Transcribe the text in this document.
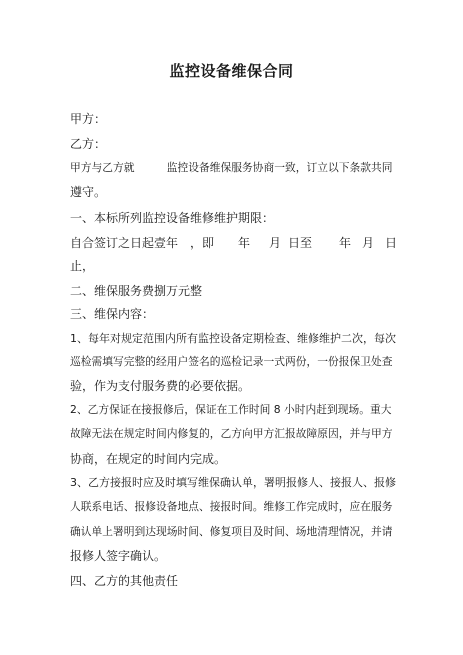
监控设备维保合同
甲方：
乙方：
甲方与乙方就　　　监控设备维保服务协商一致，订立以下条款共同
遵守。
一、本标所列监控设备维修维护期限：
自合签订之日起壹年　，即 年 月 日至 年 月 日
止，
二、维保服务费捌万元整
三、维保内容：
1、每年对规定范围内所有监控设备定期检查、维修维护二次，每次
巡检需填写完整的经用户签名的巡检记录一式两份，一份报保卫处查
验，作为支付服务费的必要依据。
2、乙方保证在接报修后，保证在工作时间 8 小时内赶到现场。重大
故障无法在规定时间内修复的，乙方向甲方汇报故障原因，并与甲方
协商，在规定的时间内完成。
3、乙方接报时应及时填写维保确认单，署明报修人、接报人、报修
人联系电话、报修设备地点、接报时间。维修工作完成时，应在服务
确认单上署明到达现场时间、修复项目及时间、场地清理情况，并请
报修人签字确认。
四、乙方的其他责任
